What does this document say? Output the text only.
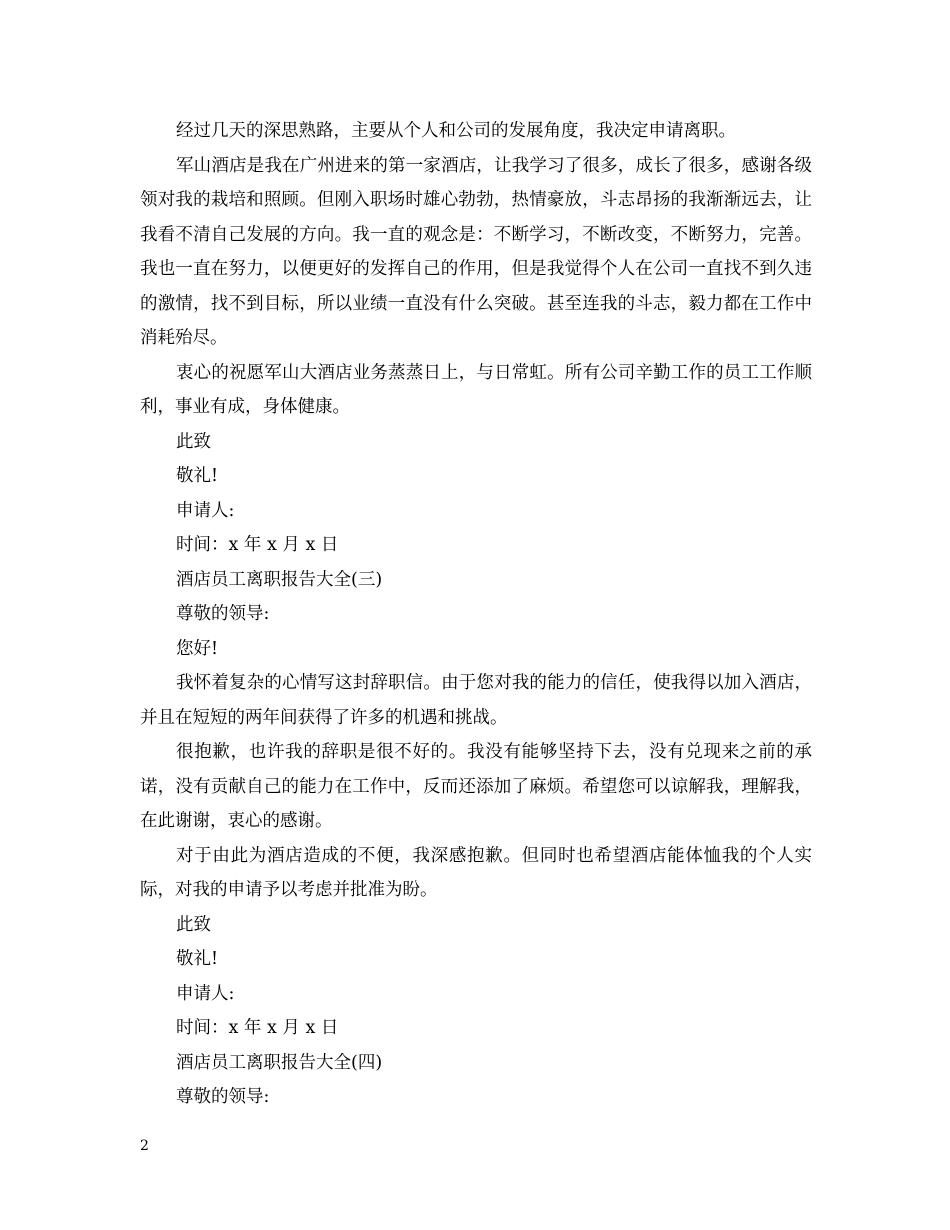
经过几天的深思熟路，主要从个人和公司的发展角度，我决定申请离职。

军山酒店是我在广州进来的第一家酒店，让我学习了很多，成长了很多，感谢各级领对我的栽培和照顾。但刚入职场时雄心勃勃，热情豪放，斗志昂扬的我渐渐远去，让我看不清自己发展的方向。我一直的观念是：不断学习，不断改变，不断努力，完善。我也一直在努力，以便更好的发挥自己的作用，但是我觉得个人在公司一直找不到久违的激情，找不到目标，所以业绩一直没有什么突破。甚至连我的斗志，毅力都在工作中消耗殆尽。

衷心的祝愿军山大酒店业务蒸蒸日上，与日常虹。所有公司辛勤工作的员工工作顺利，事业有成，身体健康。

此致

敬礼!

申请人:

时间：x 年 x 月 x 日

酒店员工离职报告大全(三)

尊敬的领导:

您好!

我怀着复杂的心情写这封辞职信。由于您对我的能力的信任，使我得以加入酒店，并且在短短的两年间获得了许多的机遇和挑战。

很抱歉，也许我的辞职是很不好的。我没有能够坚持下去，没有兑现来之前的承诺，没有贡献自己的能力在工作中，反而还添加了麻烦。希望您可以谅解我，理解我，在此谢谢，衷心的感谢。

对于由此为酒店造成的不便，我深感抱歉。但同时也希望酒店能体恤我的个人实际，对我的申请予以考虑并批准为盼。

此致

敬礼!

申请人:

时间：x 年 x 月 x 日

酒店员工离职报告大全(四)

尊敬的领导:

2
